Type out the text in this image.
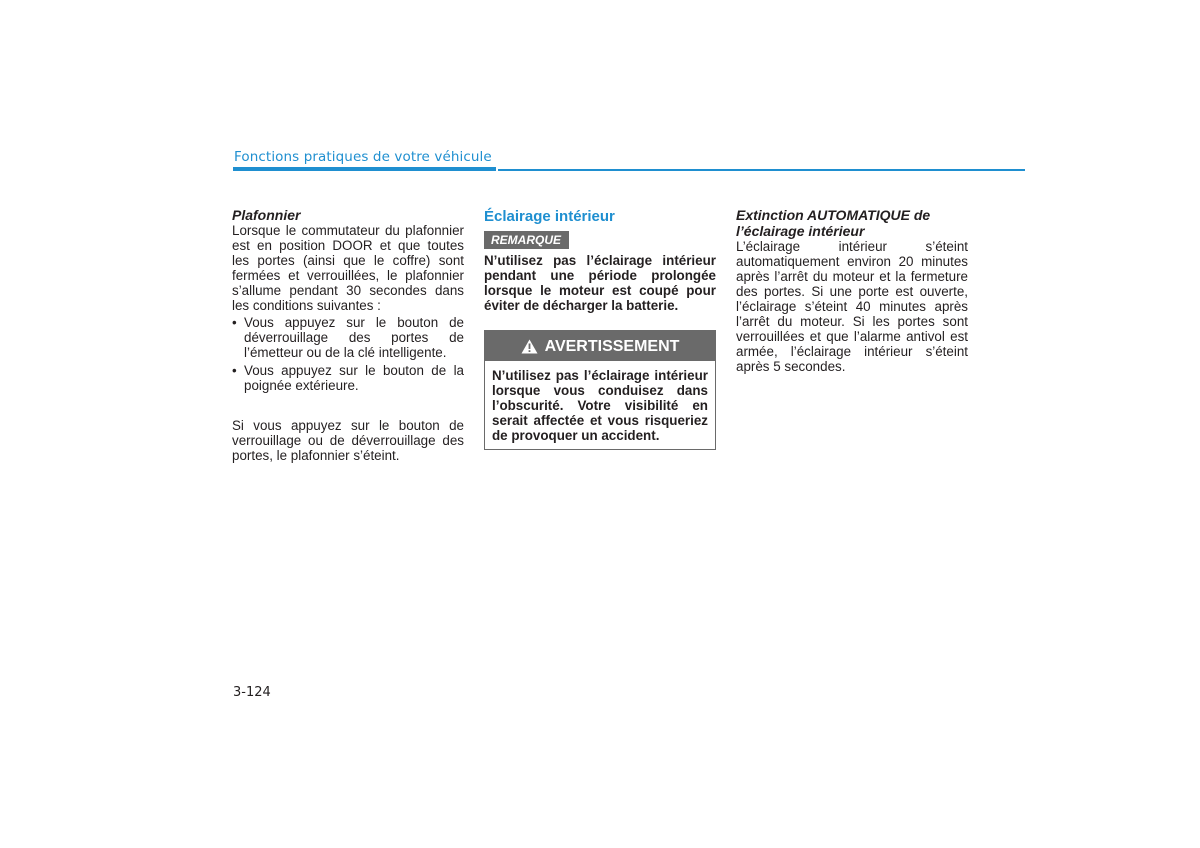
Fonctions pratiques de votre véhicule

Plafonnier

Lorsque le commutateur du plafonnier est en position DOOR et que toutes les portes (ainsi que le coffre) sont fermées et verrouillées, le plafonnier s’allume pendant 30 secondes dans les conditions suivantes :

• Vous appuyez sur le bouton de déverrouillage des portes de l’émetteur ou de la clé intelligente.
• Vous appuyez sur le bouton de la poignée extérieure.

Si vous appuyez sur le bouton de verrouillage ou de déverrouillage des portes, le plafonnier s’éteint.

Éclairage intérieur

REMARQUE

N’utilisez pas l’éclairage intérieur pendant une période prolongée lorsque le moteur est coupé pour éviter de décharger la batterie.

AVERTISSEMENT
N’utilisez pas l’éclairage intérieur lorsque vous conduisez dans l’obscurité. Votre visibilité en serait affectée et vous risqueriez de provoquer un accident.

Extinction AUTOMATIQUE de l’éclairage intérieur

L’éclairage intérieur s’éteint automatiquement environ 20 minutes après l’arrêt du moteur et la fermeture des portes. Si une porte est ouverte, l’éclairage s’éteint 40 minutes après l’arrêt du moteur. Si les portes sont verrouillées et que l’alarme antivol est armée, l’éclairage intérieur s’éteint après 5 secondes.

3-124
